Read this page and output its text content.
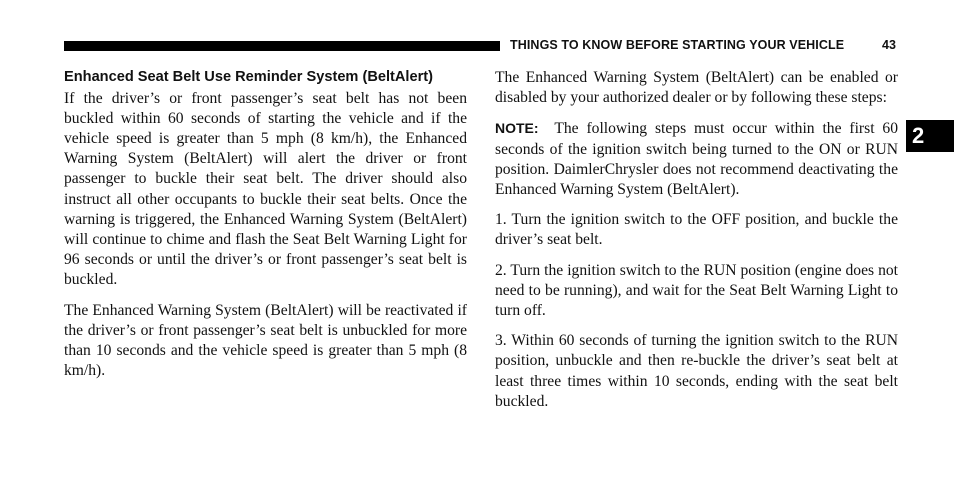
THINGS TO KNOW BEFORE STARTING YOUR VEHICLE	43
2
Enhanced Seat Belt Use Reminder System (BeltAlert)

If the driver’s or front passenger’s seat belt has not been buckled within 60 seconds of starting the vehicle and if the vehicle speed is greater than 5 mph (8 km/h), the Enhanced Warning System (BeltAlert) will alert the driver or front passenger to buckle their seat belt. The driver should also instruct all other occupants to buckle their seat belts. Once the warning is triggered, the Enhanced Warning System (BeltAlert) will continue to chime and flash the Seat Belt Warning Light for 96 seconds or until the driver’s or front passenger’s seat belt is buckled.

The Enhanced Warning System (BeltAlert) will be reactivated if the driver’s or front passenger’s seat belt is unbuckled for more than 10 seconds and the vehicle speed is greater than 5 mph (8 km/h).

The Enhanced Warning System (BeltAlert) can be enabled or disabled by your authorized dealer or by following these steps:

NOTE: The following steps must occur within the first 60 seconds of the ignition switch being turned to the ON or RUN position. DaimlerChrysler does not recommend deactivating the Enhanced Warning System (BeltAlert).

1. Turn the ignition switch to the OFF position, and buckle the driver’s seat belt.

2. Turn the ignition switch to the RUN position (engine does not need to be running), and wait for the Seat Belt Warning Light to turn off.

3. Within 60 seconds of turning the ignition switch to the RUN position, unbuckle and then re-buckle the driver’s seat belt at least three times within 10 seconds, ending with the seat belt buckled.
